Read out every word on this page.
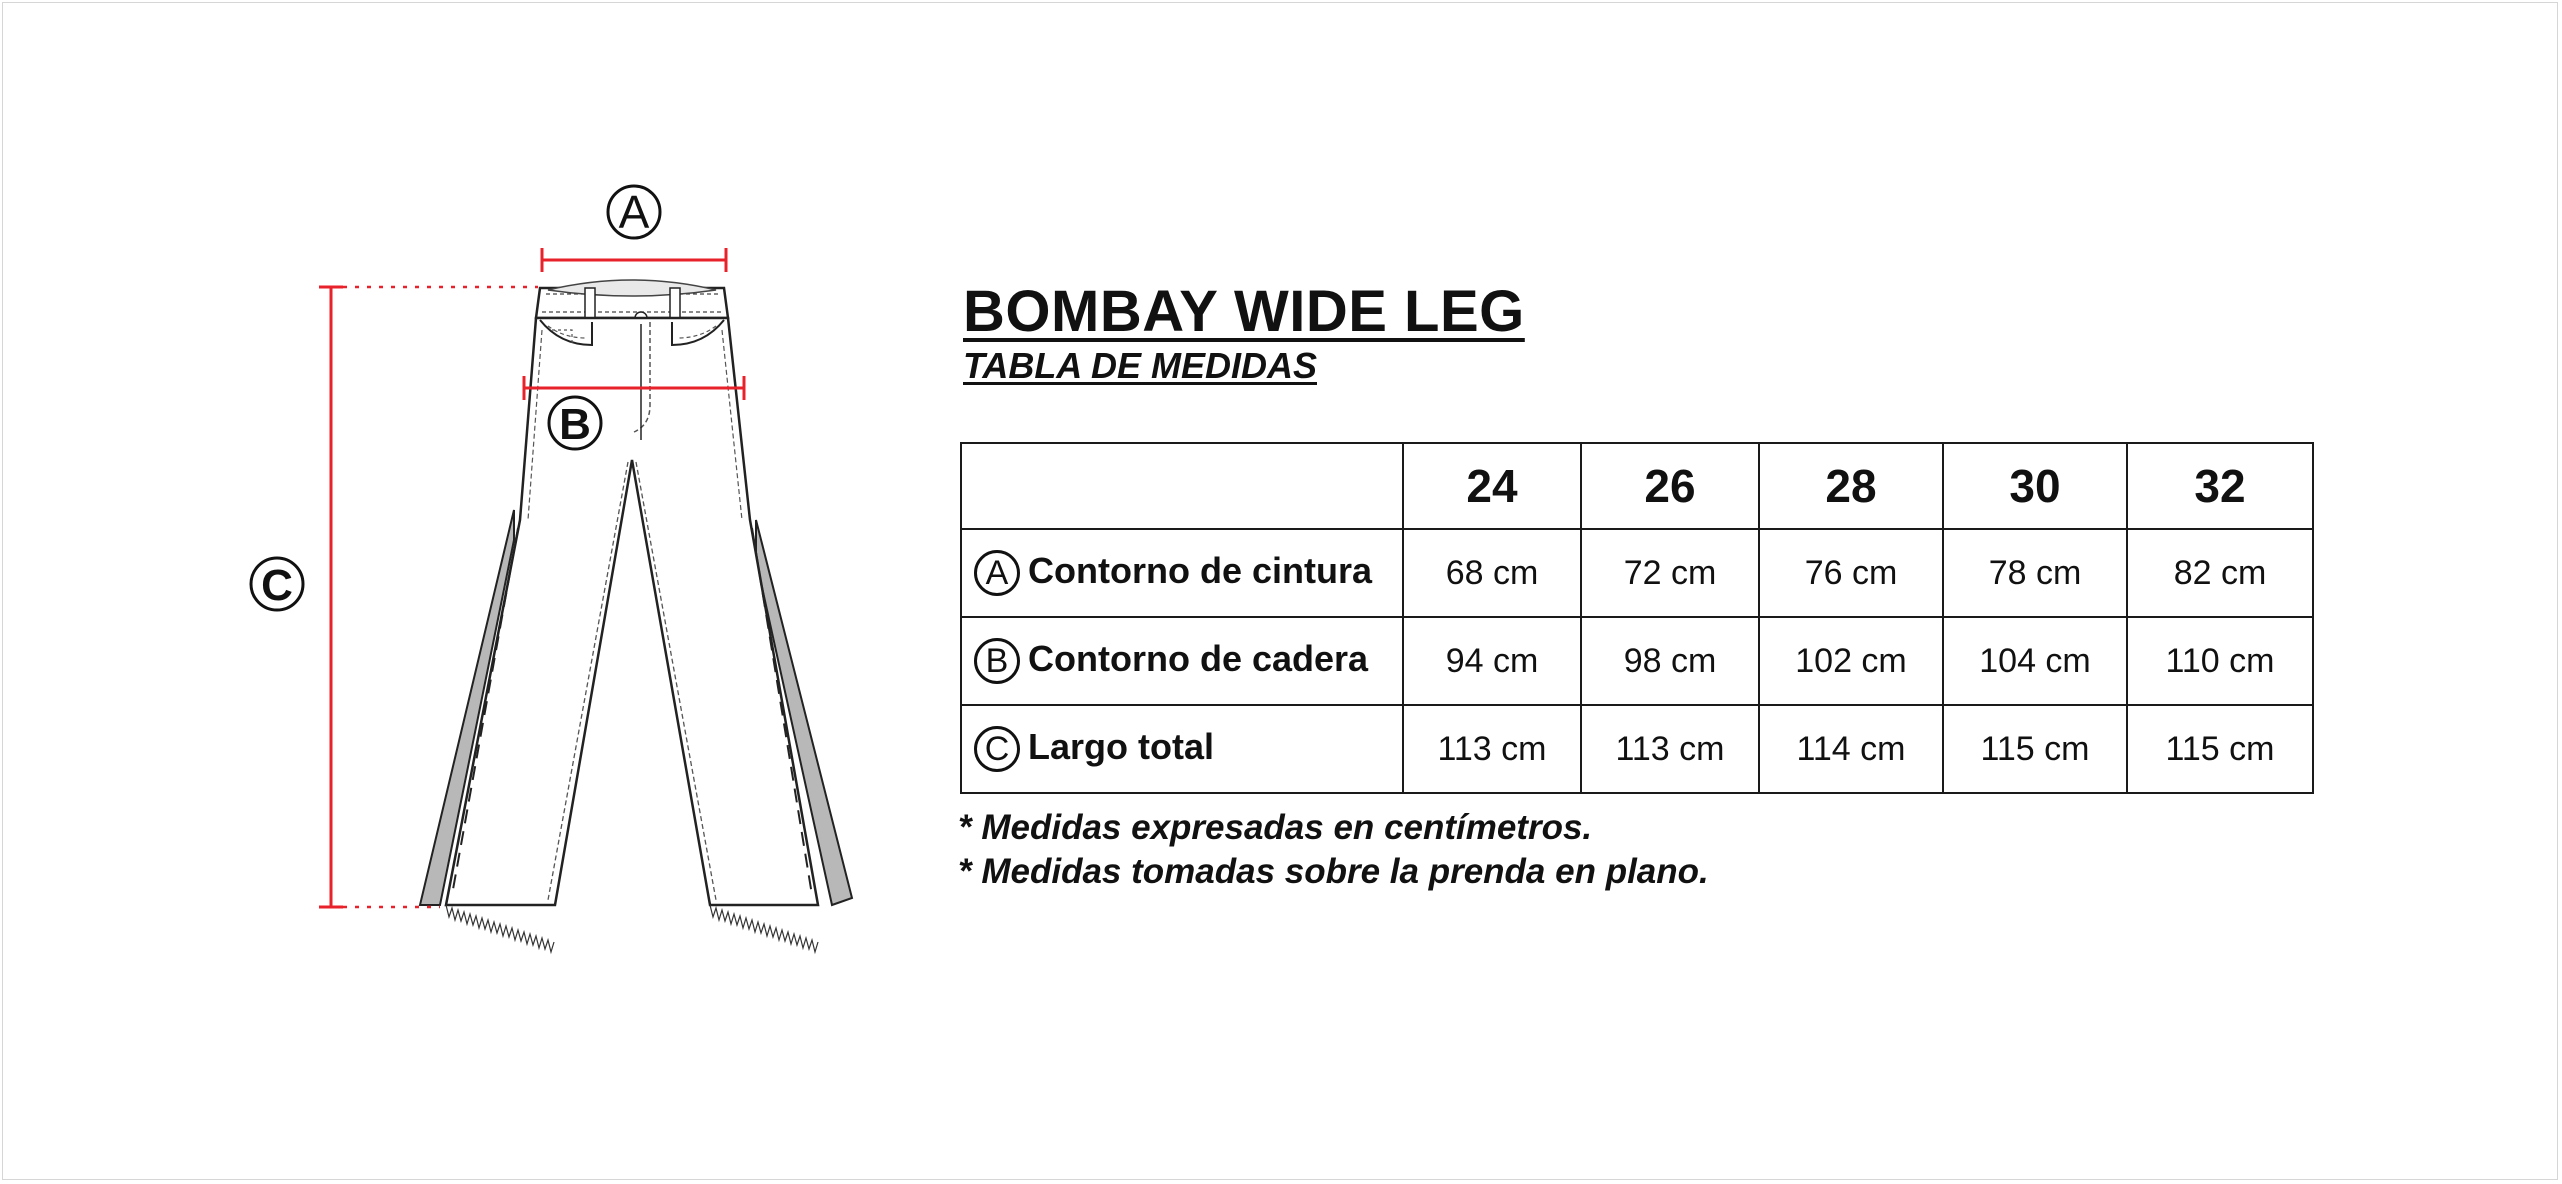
A
B
C
BOMBAY WIDE LEG
TABLA DE MEDIDAS
	24	26	28	30	32
A Contorno de cintura	68 cm	72 cm	76 cm	78 cm	82 cm
B Contorno de cadera	94 cm	98 cm	102 cm	104 cm	110 cm
C Largo total	113 cm	113 cm	114 cm	115 cm	115 cm
* Medidas expresadas en centímetros.
* Medidas tomadas sobre la prenda en plano.
